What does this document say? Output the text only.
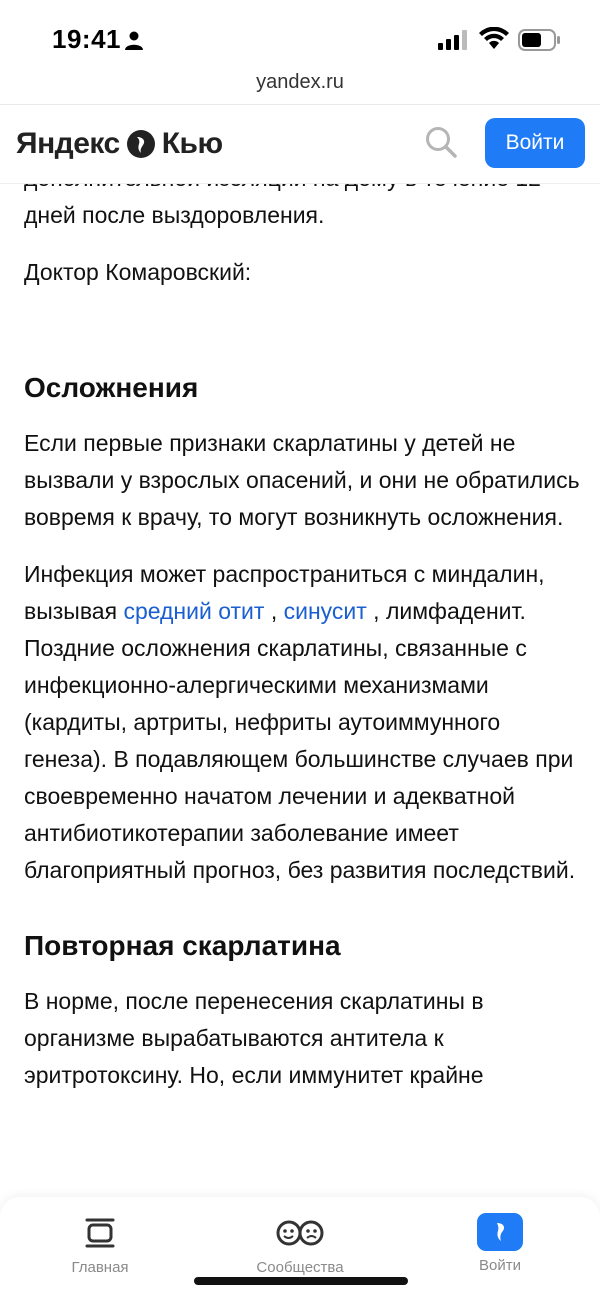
19:41
yandex.ru
Яндекс Кью	Войти

дней после выздоровления.

Доктор Комаровский:

Осложнения

Если первые признаки скарлатины у детей не вызвали у взрослых опасений, и они не обратились вовремя к врачу, то могут возникнуть осложнения.

Инфекция может распространиться с миндалин, вызывая средний отит , синусит , лимфаденит. Поздние осложнения скарлатины, связанные с инфекционно-алергическими механизмами (кардиты, артриты, нефриты аутоиммунного генеза). В подавляющем большинстве случаев при своевременно начатом лечении и адекватной антибиотикотерапии заболевание имеет благоприятный прогноз, без развития последствий.

Повторная скарлатина

В норме, после перенесения скарлатины в организме вырабатываются антитела к эритротоксину. Но, если иммунитет крайне

Главная	Сообщества	Войти
